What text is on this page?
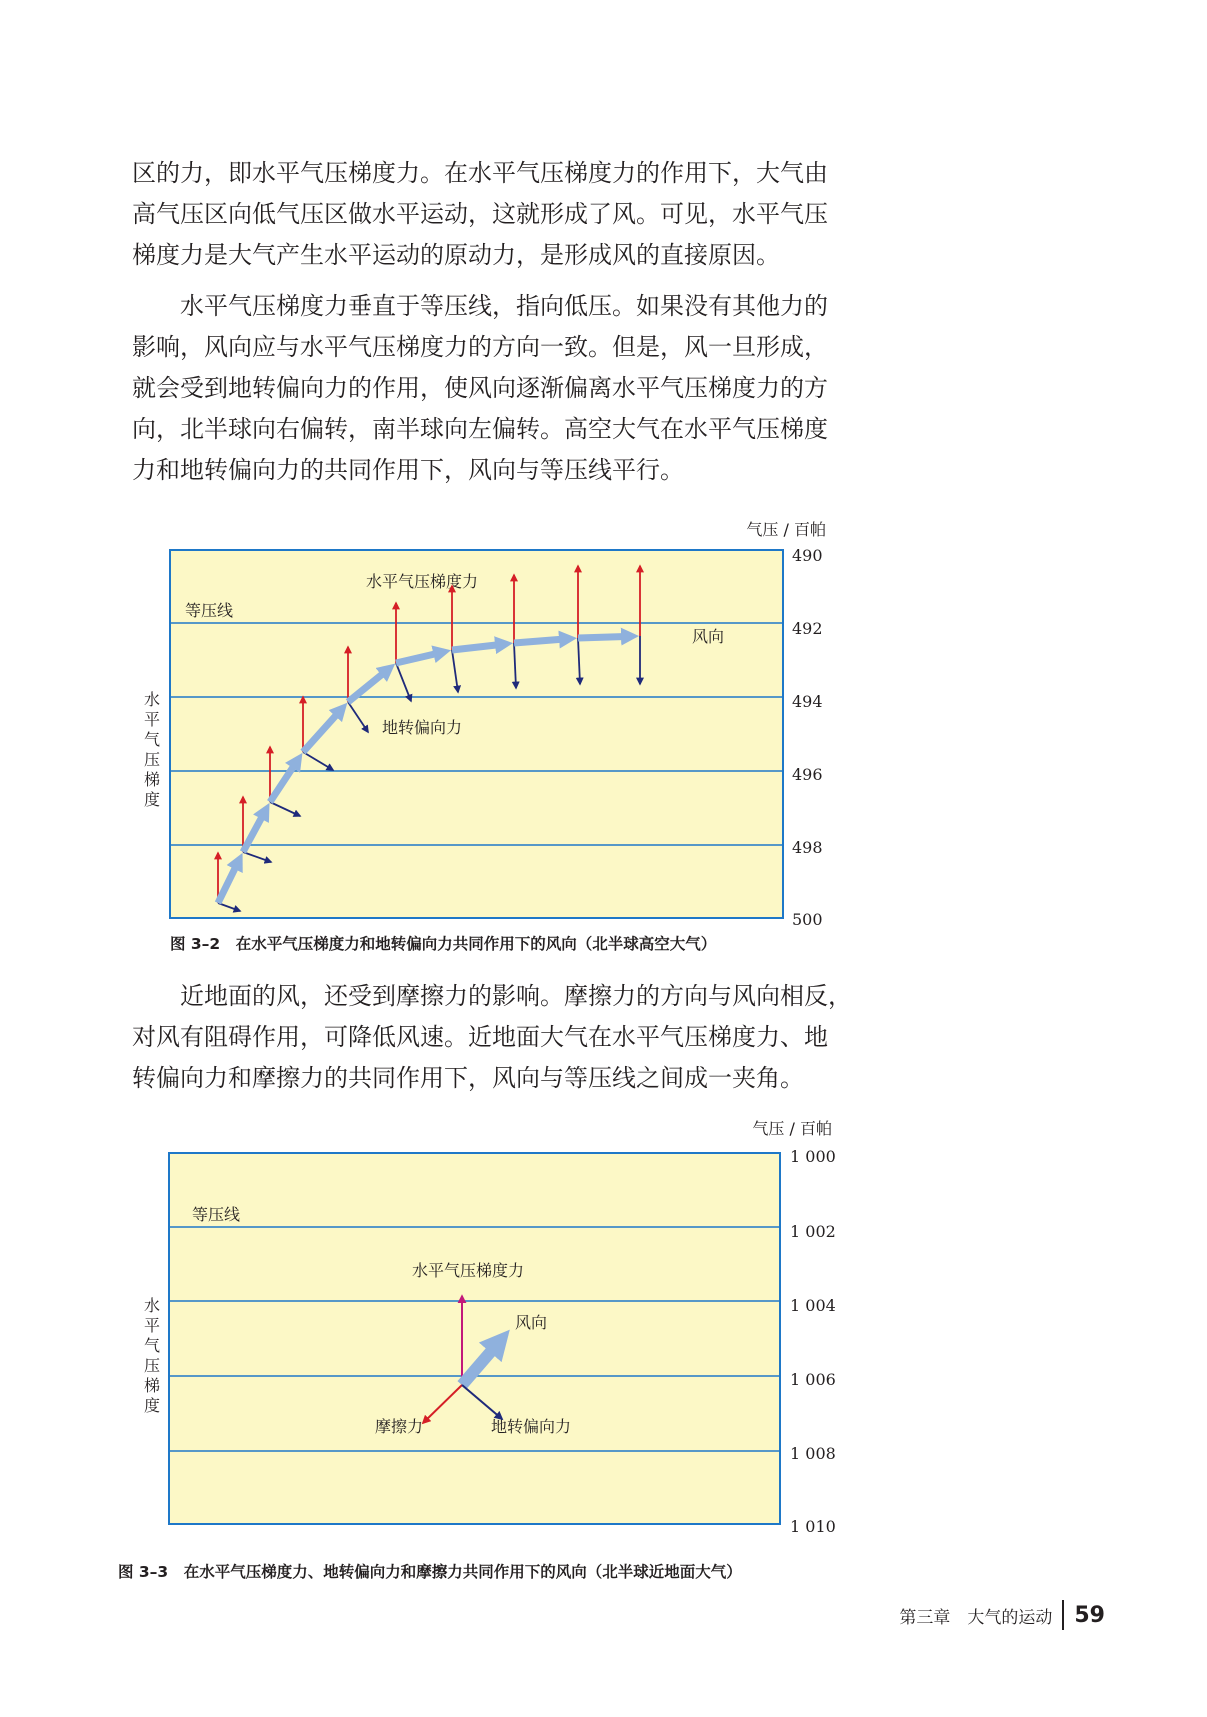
区的力，即水平气压梯度力。在水平气压梯度力的作用下，大气由
高气压区向低气压区做水平运动，这就形成了风。可见，水平气压
梯度力是大气产生水平运动的原动力，是形成风的直接原因。
　　水平气压梯度力垂直于等压线，指向低压。如果没有其他力的
影响，风向应与水平气压梯度力的方向一致。但是，风一旦形成，
就会受到地转偏向力的作用，使风向逐渐偏离水平气压梯度力的方
向，北半球向右偏转，南半球向左偏转。高空大气在水平气压梯度
力和地转偏向力的共同作用下，风向与等压线平行。
　　近地面的风，还受到摩擦力的影响。摩擦力的方向与风向相反，
对风有阻碍作用，可降低风速。近地面大气在水平气压梯度力、地
转偏向力和摩擦力的共同作用下，风向与等压线之间成一夹角。
气压 / 百帕
490
492
494
496
498
500
等压线
水平气压梯度力
地转偏向力
风向
水
平
气
压
梯
度
图 3–2　在水平气压梯度力和地转偏向力共同作用下的风向（北半球高空大气）
气压 / 百帕
1 000
1 002
1 004
1 006
1 008
1 010
等压线
水平气压梯度力
风向
摩擦力	地转偏向力
水
平
气
压
梯
度
图 3–3　在水平气压梯度力、地转偏向力和摩擦力共同作用下的风向（北半球近地面大气）
第三章　大气的运动 59
